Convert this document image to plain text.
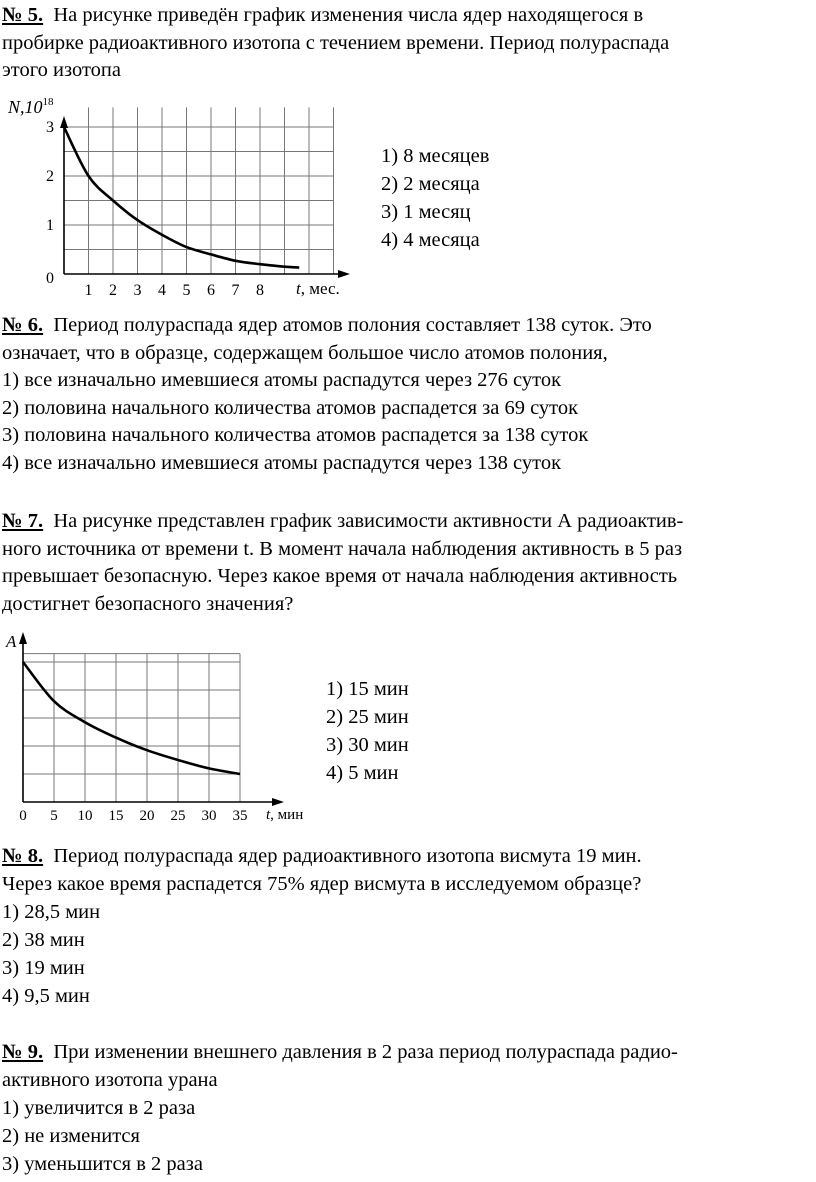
№ 5. На рисунке приведён график изменения числа ядер находящегося в
пробирке радиоактивного изотопа с течением времени. Период полураспада
этого изотопа
$N,10^{18}$
1 2 3 4 5 6 7 8
1
2
3
0
t, мес.
1) 8 месяцев
2) 2 месяца
3) 1 месяц
4) 4 месяца
№ 6. Период полураспада ядер атомов полония составляет 138 суток. Это
означает, что в образце, содержащем большое число атомов полония,
1) все изначально имевшиеся атомы распадутся через 276 суток
2) половина начального количества атомов распадется за 69 суток
3) половина начального количества атомов распадется за 138 суток
4) все изначально имевшиеся атомы распадутся через 138 суток
№ 7. На рисунке представлен график зависимости активности А радиоактив-
ного источника от времени t. В момент начала наблюдения активность в 5 раз
превышает безопасную. Через какое время от начала наблюдения активность
достигнет безопасного значения?
A
0 5 10 15 20 25 30 35 t, мин
1) 15 мин
2) 25 мин
3) 30 мин
4) 5 мин
№ 8. Период полураспада ядер радиоактивного изотопа висмута 19 мин.
Через какое время распадется 75% ядер висмута в исследуемом образце?
1) 28,5 мин
2) 38 мин
3) 19 мин
4) 9,5 мин
№ 9. При изменении внешнего давления в 2 раза период полураспада радио-
активного изотопа урана
1) увеличится в 2 раза
2) не изменится
3) уменьшится в 2 раза
